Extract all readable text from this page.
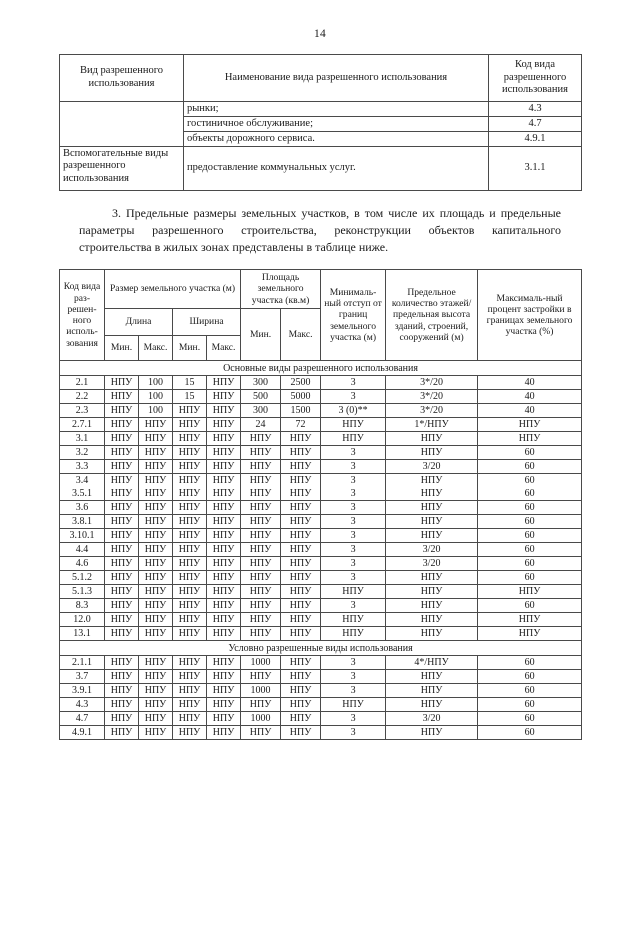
14
Вид разрешенного использования	Наименование вида разрешенного использования	Код вида разрешенного использования
	рынки;	4.3
	гостиничное обслуживание;	4.7
	объекты дорожного сервиса.	4.9.1
Вспомогательные виды разрешенного использования	предоставление коммунальных услуг.	3.1.1

3. Предельные размеры земельных участков, в том числе их площадь и предельные параметры разрешенного строительства, реконструкции объектов капитального строительства в жилых зонах представлены в таблице ниже.

Код вида раз-решен-ного исполь-зования	Размер земельного участка (м)				Площадь земельного участка (кв.м)		Минималь-ный отступ от границ земельного участка (м)	Предельное количество этажей/ предельная высота зданий, строений, сооружений (м)	Максималь-ный процент застройки в границах земельного участка (%)
	Длина		Ширина		Мин.	Макс.			
	Мин.	Макс.	Мин.	Макс.					
Основные виды разрешенного использования									
2.1	НПУ	100	15	НПУ	300	2500	3	3*/20	40
2.2	НПУ	100	15	НПУ	500	5000	3	3*/20	40
2.3	НПУ	100	НПУ	НПУ	300	1500	3 (0)**	3*/20	40
2.7.1	НПУ	НПУ	НПУ	НПУ	24	72	НПУ	1*/НПУ	НПУ
3.1	НПУ	НПУ	НПУ	НПУ	НПУ	НПУ	НПУ	НПУ	НПУ
3.2	НПУ	НПУ	НПУ	НПУ	НПУ	НПУ	3	НПУ	60
3.3	НПУ	НПУ	НПУ	НПУ	НПУ	НПУ	3	3/20	60
3.4	НПУ	НПУ	НПУ	НПУ	НПУ	НПУ	3	НПУ	60
3.5.1	НПУ	НПУ	НПУ	НПУ	НПУ	НПУ	3	НПУ	60
3.6	НПУ	НПУ	НПУ	НПУ	НПУ	НПУ	3	НПУ	60
3.8.1	НПУ	НПУ	НПУ	НПУ	НПУ	НПУ	3	НПУ	60
3.10.1	НПУ	НПУ	НПУ	НПУ	НПУ	НПУ	3	НПУ	60
4.4	НПУ	НПУ	НПУ	НПУ	НПУ	НПУ	3	3/20	60
4.6	НПУ	НПУ	НПУ	НПУ	НПУ	НПУ	3	3/20	60
5.1.2	НПУ	НПУ	НПУ	НПУ	НПУ	НПУ	3	НПУ	60
5.1.3	НПУ	НПУ	НПУ	НПУ	НПУ	НПУ	НПУ	НПУ	НПУ
8.3	НПУ	НПУ	НПУ	НПУ	НПУ	НПУ	3	НПУ	60
12.0	НПУ	НПУ	НПУ	НПУ	НПУ	НПУ	НПУ	НПУ	НПУ
13.1	НПУ	НПУ	НПУ	НПУ	НПУ	НПУ	НПУ	НПУ	НПУ
Условно разрешенные виды использования									
2.1.1	НПУ	НПУ	НПУ	НПУ	1000	НПУ	3	4*/НПУ	60
3.7	НПУ	НПУ	НПУ	НПУ	НПУ	НПУ	3	НПУ	60
3.9.1	НПУ	НПУ	НПУ	НПУ	1000	НПУ	3	НПУ	60
4.3	НПУ	НПУ	НПУ	НПУ	НПУ	НПУ	НПУ	НПУ	60
4.7	НПУ	НПУ	НПУ	НПУ	1000	НПУ	3	3/20	60
4.9.1	НПУ	НПУ	НПУ	НПУ	НПУ	НПУ	3	НПУ	60
